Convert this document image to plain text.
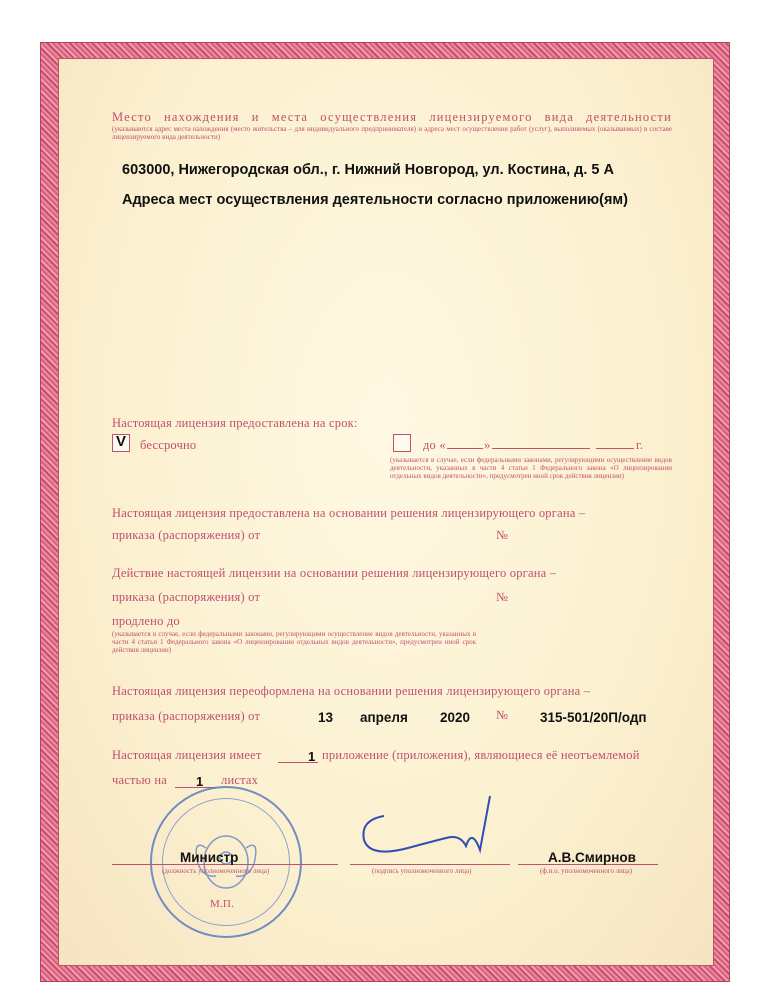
Место нахождения и места осуществления лицензируемого вида деятельности
(указываются адрес места нахождения (место жительства – для индивидуального предпринимателя) и адреса мест осуществления работ (услуг), выполняемых (оказываемых) в составе лицензируемого вида деятельности)
603000, Нижегородская обл., г. Нижний Новгород, ул. Костина, д. 5 А
Адреса мест осуществления деятельности согласно приложению(ям)
Настоящая лицензия предоставлена на срок:
V бессрочно	до «	»	г.
(указывается в случае, если федеральными законами, регулирующими осуществление видов деятельности, указанных в части 4 статьи 1 Федерального закона «О лицензировании отдельных видов деятельности», предусмотрен иной срок действия лицензии)
Настоящая лицензия предоставлена на основании решения лицензирующего органа –
приказа (распоряжения) от	№
Действие настоящей лицензии на основании решения лицензирующего органа –
приказа (распоряжения) от	№
продлено до
(указывается в случае, если федеральными законами, регулирующими осуществление видов деятельности, указанных в части 4 статьи 1 Федерального закона «О лицензировании отдельных видов деятельности», предусмотрен иной срок действия лицензии)
Настоящая лицензия переоформлена на основании решения лицензирующего органа –
приказа (распоряжения) от	13 апреля 2020 № 315-501/20П/одп
Настоящая лицензия имеет	1 приложение (приложения), являющиеся её неотъемлемой
частью на 1 листах
Министр
(должность уполномоченного лица)	(подпись уполномоченного лица)
А.В.Смирнов
(ф.и.о. уполномоченного лица)
М.П.
